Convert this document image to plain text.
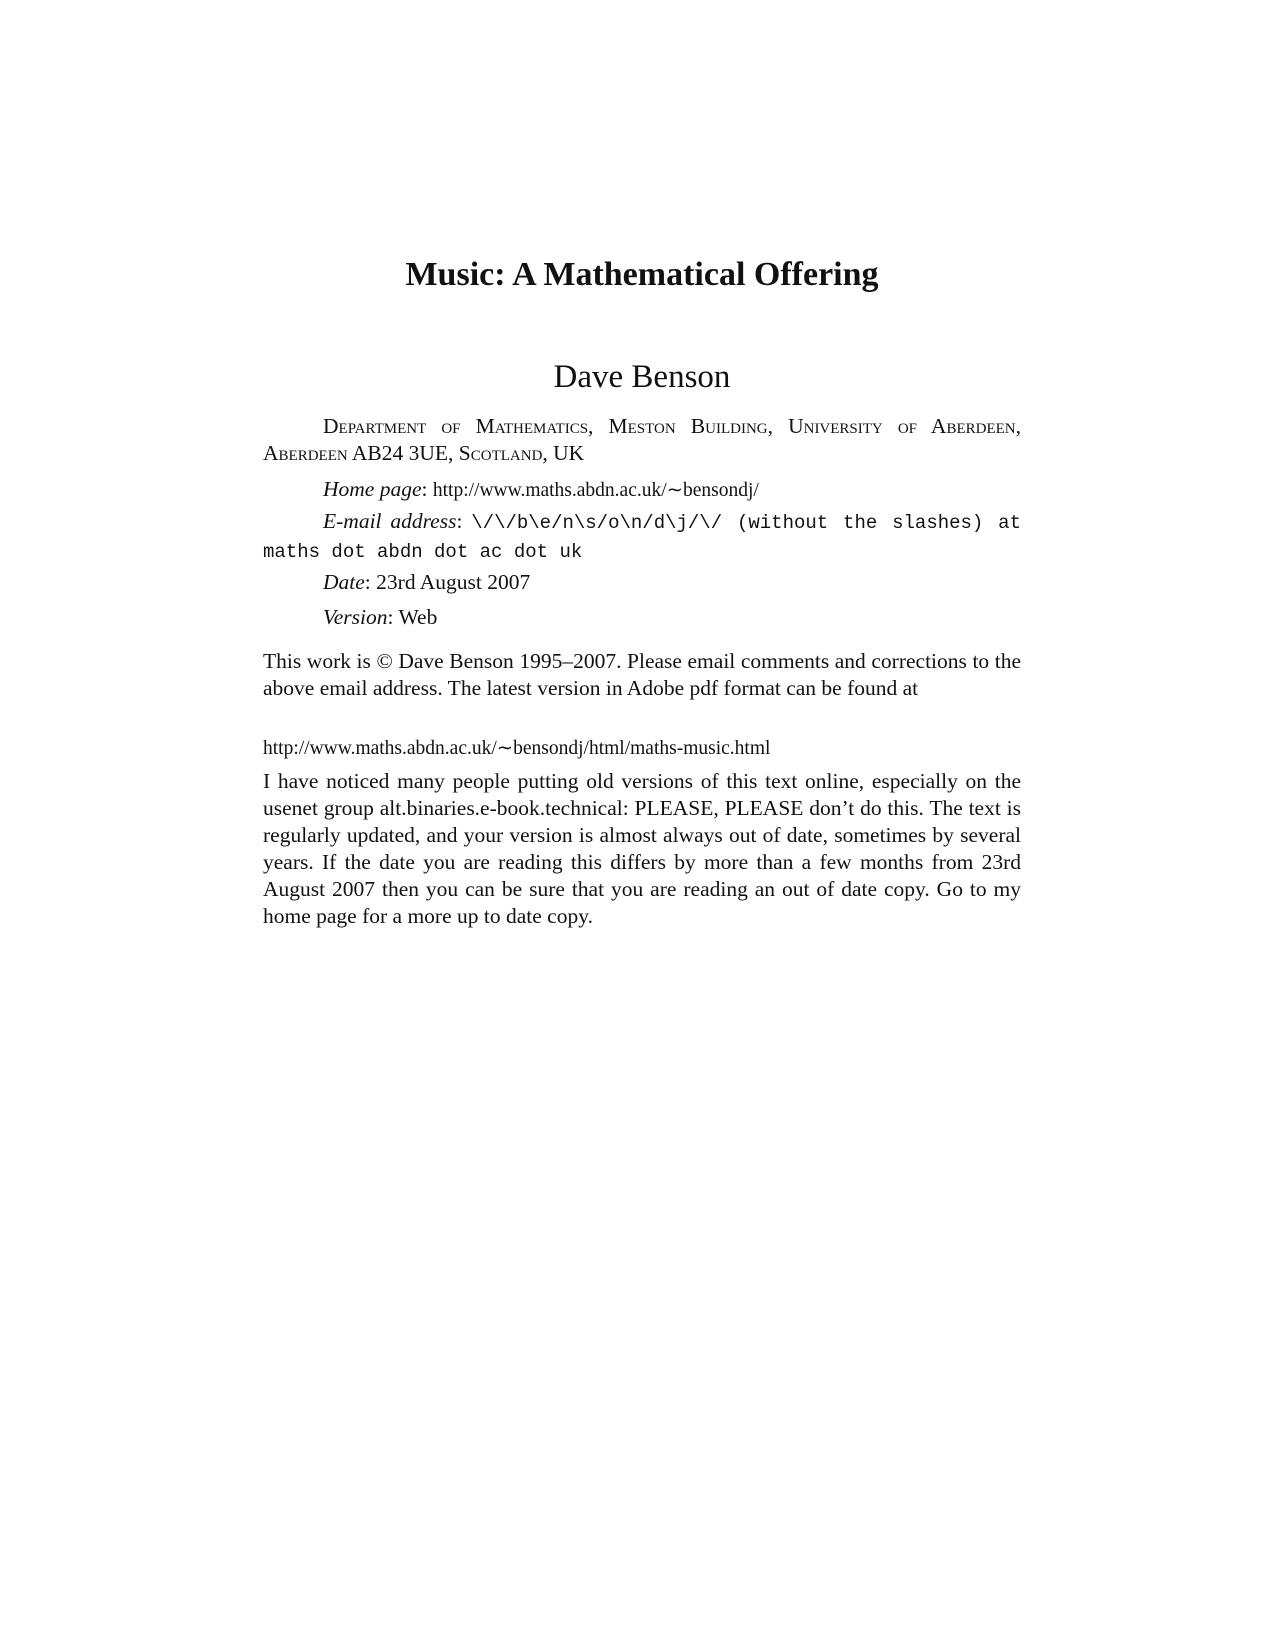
Music: A Mathematical Offering
Dave Benson

Department of Mathematics, Meston Building, University of Aberdeen, Aberdeen AB24 3UE, Scotland, UK

Home page: http://www.maths.abdn.ac.uk/∼bensondj/

E-mail address: \/\/b\e/n\s/o\n/d\j/\/ (without the slashes) at maths dot abdn dot ac dot uk

Date: 23rd August 2007

Version: Web

This work is © Dave Benson 1995–2007. Please email comments and corrections to the above email address. The latest version in Adobe pdf format can be found at

http://www.maths.abdn.ac.uk/∼bensondj/html/maths-music.html

I have noticed many people putting old versions of this text online, especially on the usenet group alt.binaries.e-book.technical: PLEASE, PLEASE don’t do this. The text is regularly updated, and your version is almost always out of date, sometimes by several years. If the date you are reading this differs by more than a few months from 23rd August 2007 then you can be sure that you are reading an out of date copy. Go to my home page for a more up to date copy.
